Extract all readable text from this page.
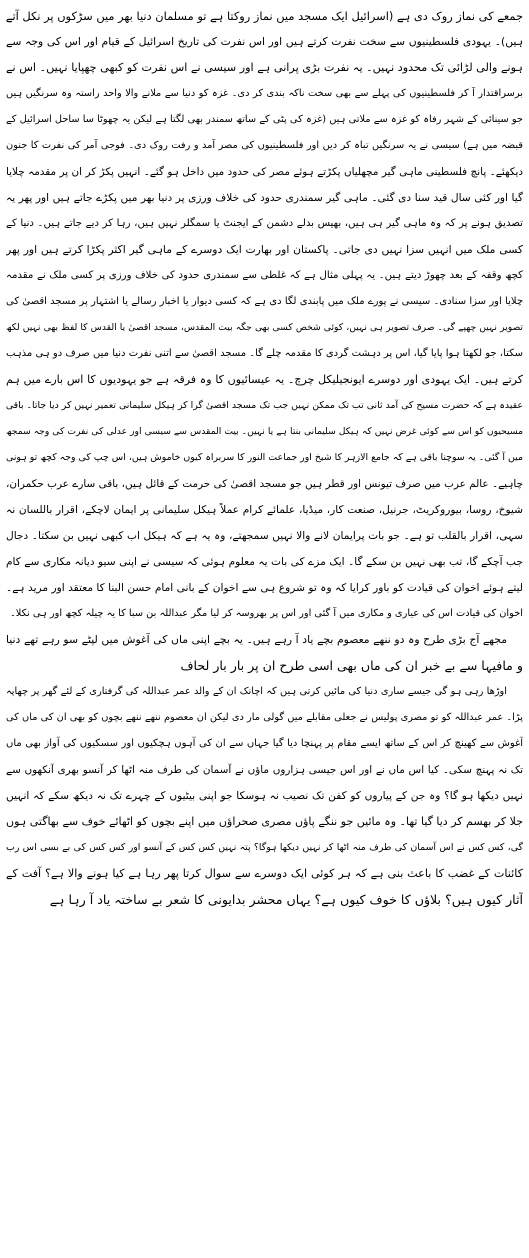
جمعے کی نماز روک دی ہے (اسرائیل ایک مسجد میں نماز روکتا ہے تو مسلمان دنیا بھر میں سڑکوں پر نکل آتے
ہیں)۔ یہودی فلسطینیوں سے سخت نفرت کرتے ہیں اور اس نفرت کی تاریخ اسرائیل کے قیام اور اس کی وجہ سے
ہونے والی لڑائی تک محدود نہیں۔ یہ نفرت بڑی پرانی ہے اور سیسی نے اس نفرت کو کبھی چھپایا نہیں۔ اس نے
برسراقتدار آ کر فلسطینیوں کی پہلے سے بھی سخت ناکہ بندی کر دی۔ غزہ کو دنیا سے ملانے والا واحد راستہ وہ سرنگیں ہیں
جو سینائی کے شہر رفاہ کو غزہ سے ملاتی ہیں (غزہ کی پٹی کے ساتھ سمندر بھی لگتا ہے لیکن یہ چھوٹا سا ساحل اسرائیل کے
قبضہ میں ہے) سیسی نے یہ سرنگیں تباہ کر دیں اور فلسطینیوں کی مصر آمد و رفت روک دی۔ فوجی آمر کی نفرت کا جنون
دیکھئے۔ پانچ فلسطینی ماہی گیر مچھلیاں پکڑتے ہوئے مصر کی حدود میں داخل ہو گئے۔ انہیں پکڑ کر ان پر مقدمہ چلایا
گیا اور کئی سال قید سنا دی گئی۔ ماہی گیر سمندری حدود کی خلاف ورزی پر دنیا بھر میں پکڑے جاتے ہیں اور پھر یہ
تصدیق ہونے پر کہ وہ ماہی گیر ہی ہیں، بھیس بدلے دشمن کے ایجنٹ یا سمگلر نہیں ہیں، رہا کر دیے جاتے ہیں۔ دنیا کے
کسی ملک میں انہیں سزا نہیں دی جاتی۔ پاکستان اور بھارت ایک دوسرے کے ماہی گیر اکثر پکڑا کرتے ہیں اور پھر
کچھ وقفہ کے بعد چھوڑ دیتے ہیں۔ یہ پہلی مثال ہے کہ غلطی سے سمندری حدود کی خلاف ورزی پر کسی ملک نے مقدمہ
چلایا اور سزا سنادی۔ سیسی نے پورے ملک میں پابندی لگا دی ہے کہ کسی دیوار یا اخبار رسالے یا اشتہار پر مسجد اقصیٰ کی
تصویر نہیں چھپے گی۔ صرف تصویر ہی نہیں، کوئی شخص کسی بھی جگہ بیت المقدس، مسجد اقصیٰ یا القدس کا لفظ بھی نہیں لکھ
سکتا، جو لکھتا ہوا پایا گیا، اس پر دہشت گردی کا مقدمہ چلے گا۔ مسجد اقصیٰ سے اتنی نفرت دنیا میں صرف دو ہی مذہب
کرتے ہیں۔ ایک یہودی اور دوسرے ایونجیلیکل چرچ۔ یہ عیسائیوں کا وہ فرقہ ہے جو یہودیوں کا اس بارے میں ہم
عقیدہ ہے کہ حضرت مسیح کی آمد ثانی تب تک ممکن نہیں جب تک مسجد اقصیٰ گرا کر ہیکل سلیمانی تعمیر نہیں کر دیا جاتا۔ باقی
مسیحیوں کو اس سے کوئی غرض نہیں کہ ہیکل سلیمانی بنتا ہے یا نہیں۔ بیت المقدس سے سیسی اور عدلی کی نفرت کی وجہ سمجھ
میں آ گئی۔ یہ سوچنا باقی ہے کہ جامع الازہر کا شیخ اور جماعت النور کا سربراہ کیوں خاموش ہیں، اس چپ کی وجہ کچھ تو ہونی
چاہیے۔ عالم عرب میں صرف تیونس اور قطر ہیں جو مسجد اقصیٰ کی حرمت کے قائل ہیں، باقی سارے عرب حکمران،
شیوخ، روسا، بیوروکریٹ، جرنیل، صنعت کار، میڈیا، علمائے کرام عملاً ہیکل سلیمانی پر ایمان لاچکے، اقرار باللسان نہ
سہی، اقرار بالقلب تو ہے۔ جو بات پرایمان لانے والا نہیں سمجھتے، وہ یہ ہے کہ ہیکل اب کبھی نہیں بن سکتا۔ دجال
جب آچکے گا، تب بھی نہیں بن سکے گا۔ ایک مزے کی بات یہ معلوم ہوئی کہ سیسی نے اپنی سیو دیانہ مکاری سے کام
لیتے ہوئے اخوان کی قیادت کو باور کرایا کہ وہ تو شروع ہی سے اخوان کے بانی امام حسن البنا کا معتقد اور مرید ہے۔
اخوان کی قیادت اس کی عیاری و مکاری میں آ گئی اور اس پر بھروسہ کر لیا مگر عبداللہ بن سبا کا یہ چیلہ کچھ اور ہی نکلا۔
مجھے آج بڑی طرح وہ دو ننھے معصوم بچے یاد آ رہے ہیں۔ یہ بچے اپنی ماں کی آغوش میں لپٹے سو رہے تھے دنیا
و مافیہا سے بے خبر ان کی ماں بھی اسی طرح ان پر بار بار لحاف
اوڑھا رہی ہو گی جیسے ساری دنیا کی مائیں کرتی ہیں کہ اچانک ان کے والد عمر عبداللہ کی گرفتاری کے لئے گھر پر چھاپہ
پڑا۔ عمر عبداللہ کو تو مصری پولیس نے جعلی مقابلے میں گولی مار دی لیکن ان معصوم ننھے ننھے بچوں کو بھی ان کی ماں کی
آغوش سے کھینچ کر اس کے ساتھ ایسے مقام پر پہنچا دیا گیا جہاں سے ان کی آہوں ہچکیوں اور سسکیوں کی آواز بھی ماں
تک نہ پہنچ سکی۔ کیا اس ماں نے اور اس جیسی ہزاروں ماؤں نے آسمان کی طرف منہ اٹھا کر آنسو بھری آنکھوں سے
نہیں دیکھا ہو گا؟ وہ جن کے پیاروں کو کفن تک نصیب نہ ہوسکا جو اپنی بیٹیوں کے چہرے تک نہ دیکھ سکے کہ انہیں
جلا کر بھسم کر دیا گیا تھا۔ وہ مائیں جو ننگے پاؤں مصری صحراؤں میں اپنے بچوں کو اٹھائے خوف سے بھاگتی ہوں
گی، کس کس نے اس آسمان کی طرف منہ اٹھا کر نہیں دیکھا ہوگا؟ پتہ نہیں کس کس کے آنسو اور کس کس کی بے بسی اس رب
کائنات کے غضب کا باعث بنی ہے کہ ہر کوئی ایک دوسرے سے سوال کرتا پھر رہا ہے کیا ہونے والا ہے؟ آفت کے
آثار کیوں ہیں؟ بلاؤں کا خوف کیوں ہے؟ یہاں محشر بدایونی کا شعر بے ساختہ یاد آ رہا ہے
